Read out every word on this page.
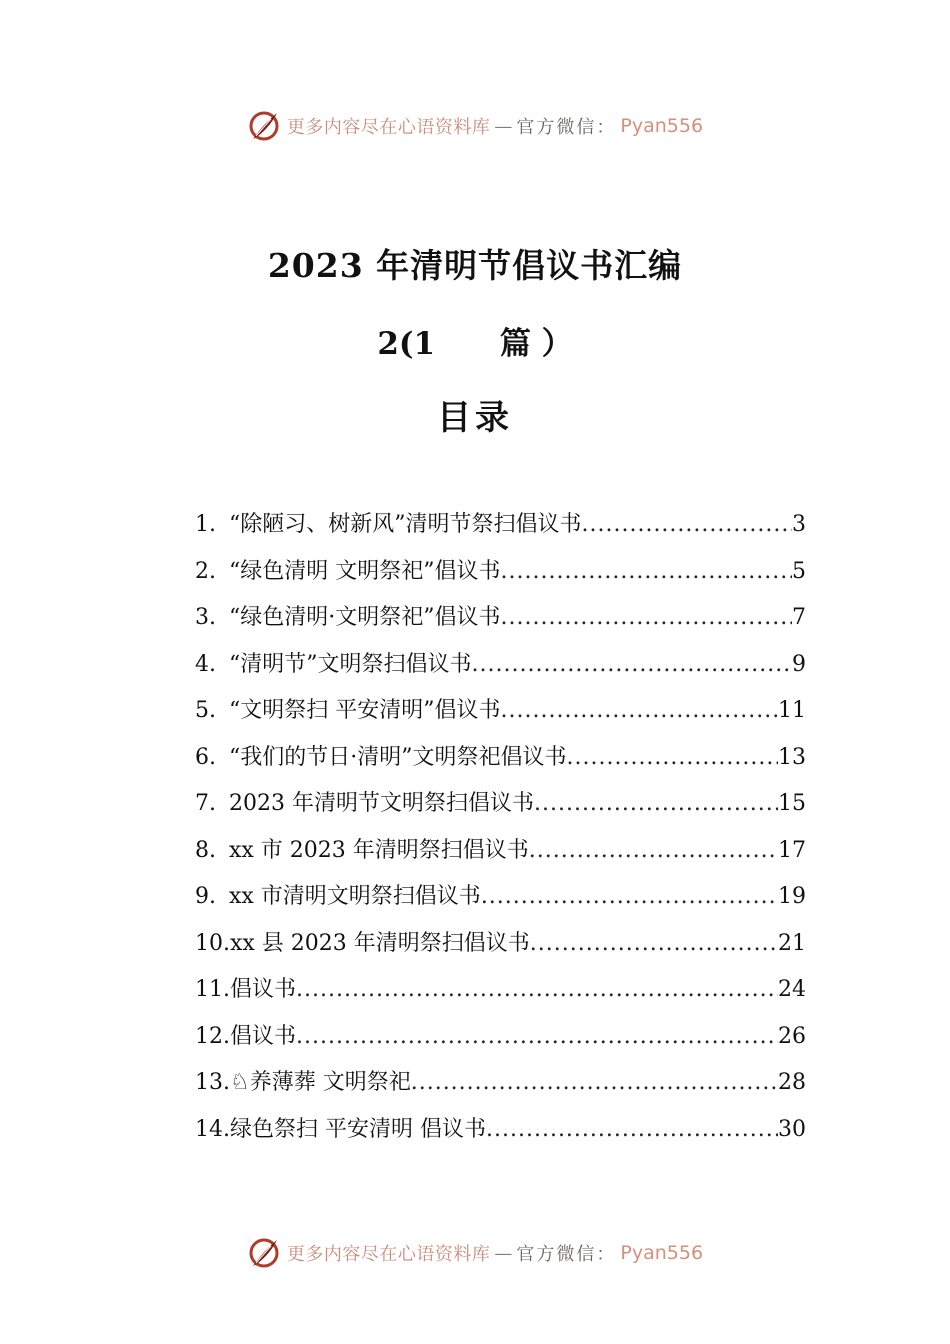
更多内容尽在心语资料库 — 官方微信： Pyan556
2023 年清明节倡议书汇编
2(1      篇 ）
目录
1. “除陋习、树新风”清明节祭扫倡议书 .....	3
2. “绿色清明 文明祭祀”倡议书 .....	5
3. “绿色清明·文明祭祀”倡议书 .....	7
4. “清明节”文明祭扫倡议书 .....	9
5. “文明祭扫 平安清明”倡议书 .....	11
6. “我们的节日·清明”文明祭祀倡议书 .....	13
7. 2023 年清明节文明祭扫倡议书 .....	15
8. xx 市 2023 年清明祭扫倡议书 .....	17
9. xx 市清明文明祭扫倡议书 .....	19
10. xx 县 2023 年清明祭扫倡议书 .....	21
11. 倡议书 .....	24
12. 倡议书 .....	26
13. ♘养薄葬 文明祭祀 .....	28
14. 绿色祭扫 平安清明 倡议书 .....	30
更多内容尽在心语资料库 — 官方微信： Pyan556
